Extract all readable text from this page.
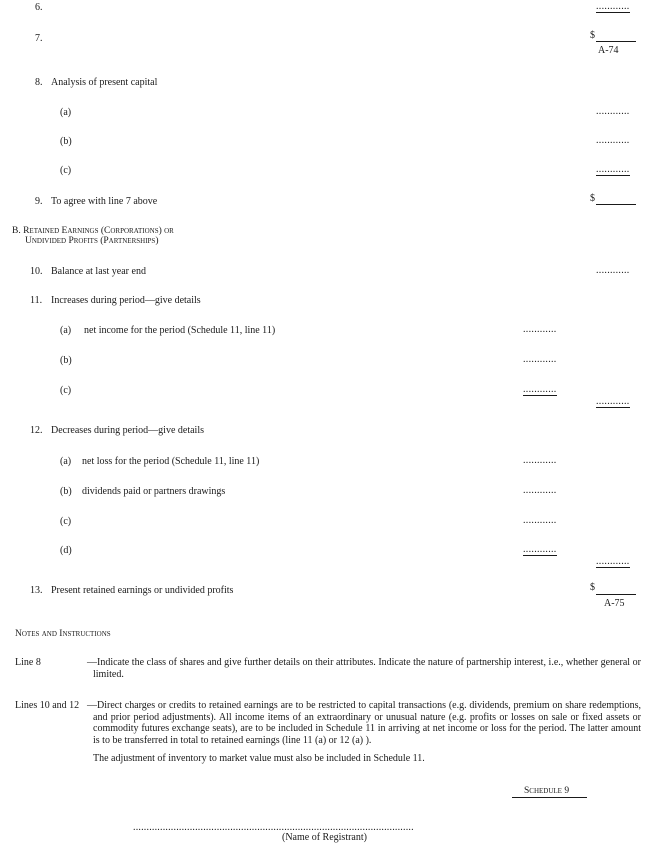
6.	............
7.	$
A-74
8. Analysis of present capital
(a)	............
(b)	............
(c)	............
9. To agree with line 7 above	$
B. Retained Earnings (Corporations) or
Undivided Profits (Partnerships)
10. Balance at last year end	............
11. Increases during period—give details
(a) net income for the period (Schedule 11, line 11)	............
(b)	............
(c)	............
............
12. Decreases during period—give details
(a) net loss for the period (Schedule 11, line 11)	............
(b) dividends paid or partners drawings	............
(c)	............
(d)	............
............
13. Present retained earnings or undivided profits	$
A-75
Notes and Instructions
Line 8	—Indicate the class of shares and give further details on their attributes. Indicate the nature of partnership interest, i.e., whether general or limited.
Lines 10 and 12 —Direct charges or credits to retained earnings are to be restricted to capital transactions (e.g. dividends, premium on share redemptions, and prior period adjustments). All income items of an extraordinary or unusual nature (e.g. profits or losses on sale or fixed assets or commodity futures exchange seats), are to be included in Schedule 11 in arriving at net income or loss for the period. The latter amount is to be transferred in total to retained earnings (line 11 (a) or 12 (a) ).
The adjustment of inventory to market value must also be included in Schedule 11.
Schedule 9
........................................................................................................
(Name of Registrant)
